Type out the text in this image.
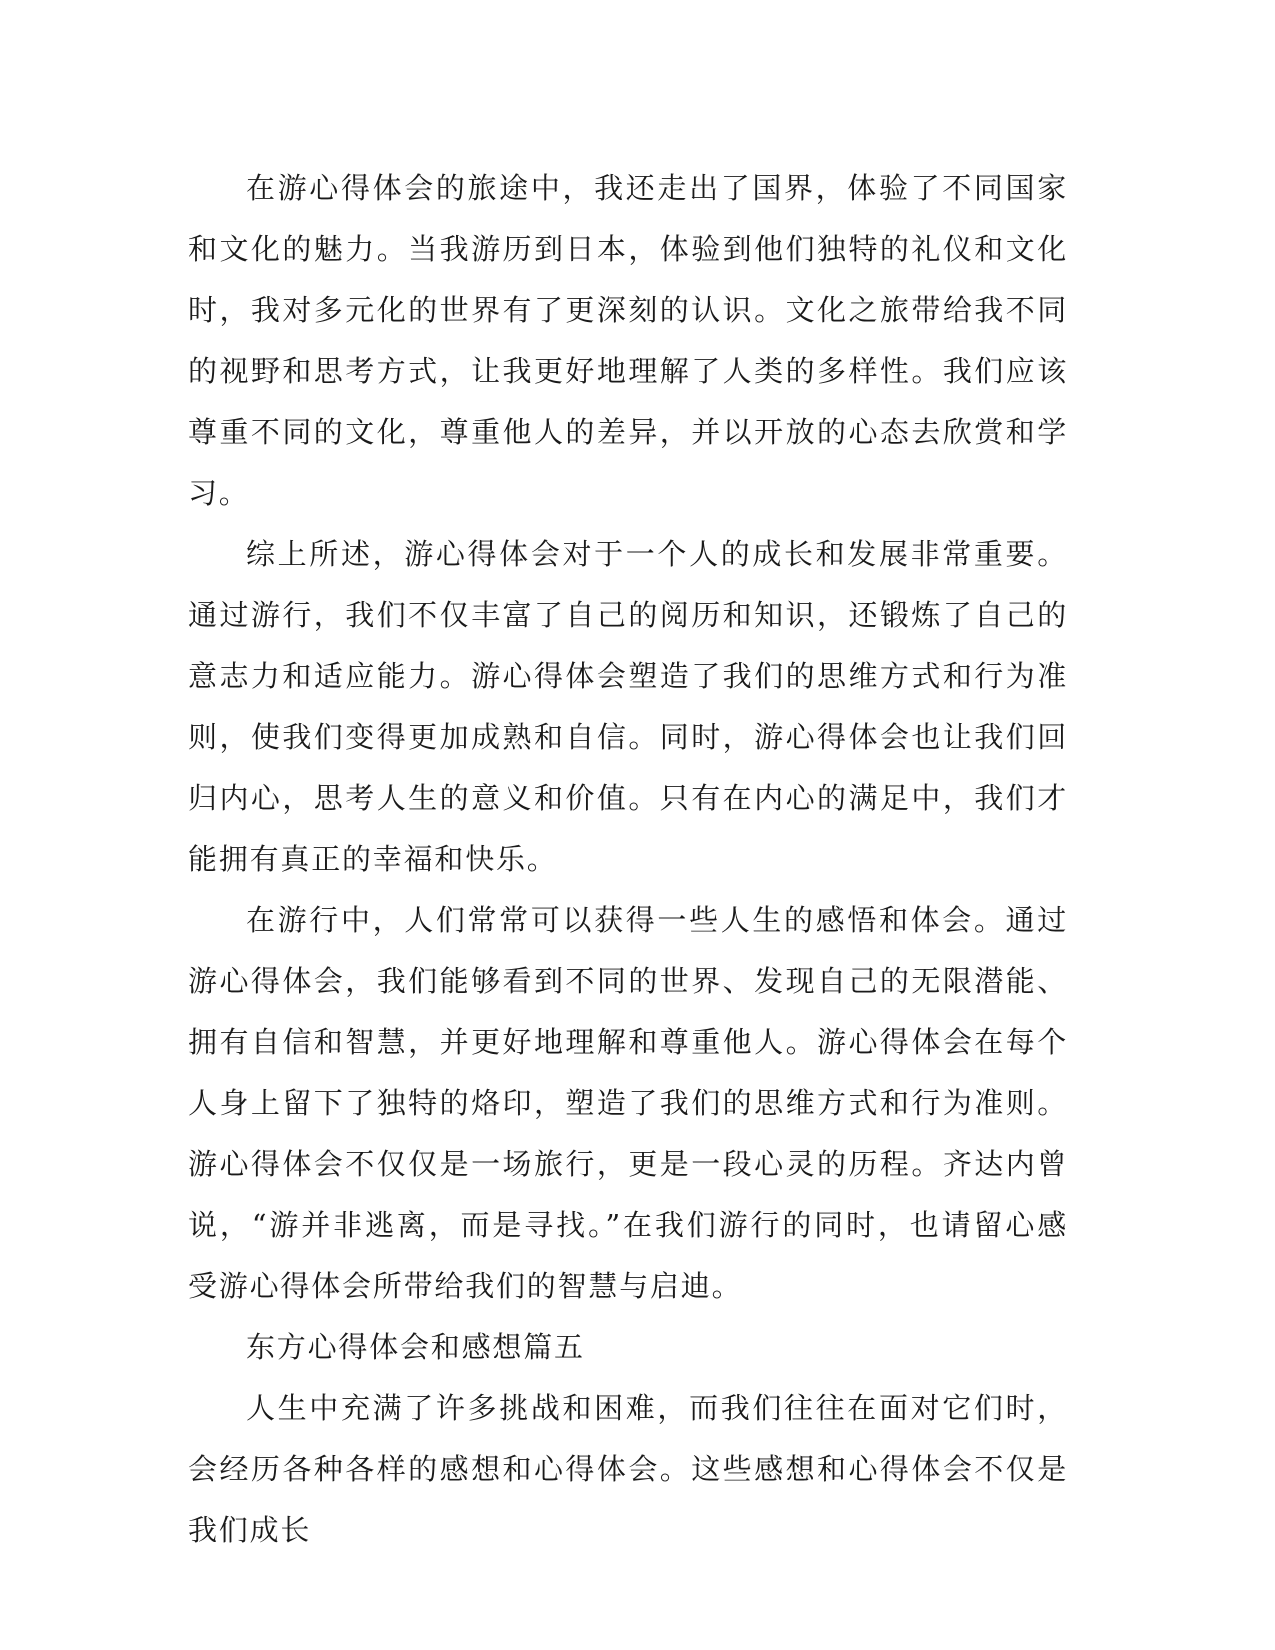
在游心得体会的旅途中，我还走出了国界，体验了不同国家和文化的魅力。当我游历到日本，体验到他们独特的礼仪和文化时，我对多元化的世界有了更深刻的认识。文化之旅带给我不同的视野和思考方式，让我更好地理解了人类的多样性。我们应该尊重不同的文化，尊重他人的差异，并以开放的心态去欣赏和学习。

综上所述，游心得体会对于一个人的成长和发展非常重要。通过游行，我们不仅丰富了自己的阅历和知识，还锻炼了自己的意志力和适应能力。游心得体会塑造了我们的思维方式和行为准则，使我们变得更加成熟和自信。同时，游心得体会也让我们回归内心，思考人生的意义和价值。只有在内心的满足中，我们才能拥有真正的幸福和快乐。

在游行中，人们常常可以获得一些人生的感悟和体会。通过游心得体会，我们能够看到不同的世界、发现自己的无限潜能、拥有自信和智慧，并更好地理解和尊重他人。游心得体会在每个人身上留下了独特的烙印，塑造了我们的思维方式和行为准则。游心得体会不仅仅是一场旅行，更是一段心灵的历程。齐达内曾说，“游并非逃离，而是寻找。”在我们游行的同时，也请留心感受游心得体会所带给我们的智慧与启迪。

东方心得体会和感想篇五

人生中充满了许多挑战和困难，而我们往往在面对它们时，会经历各种各样的感想和心得体会。这些感想和心得体会不仅是我们成长
